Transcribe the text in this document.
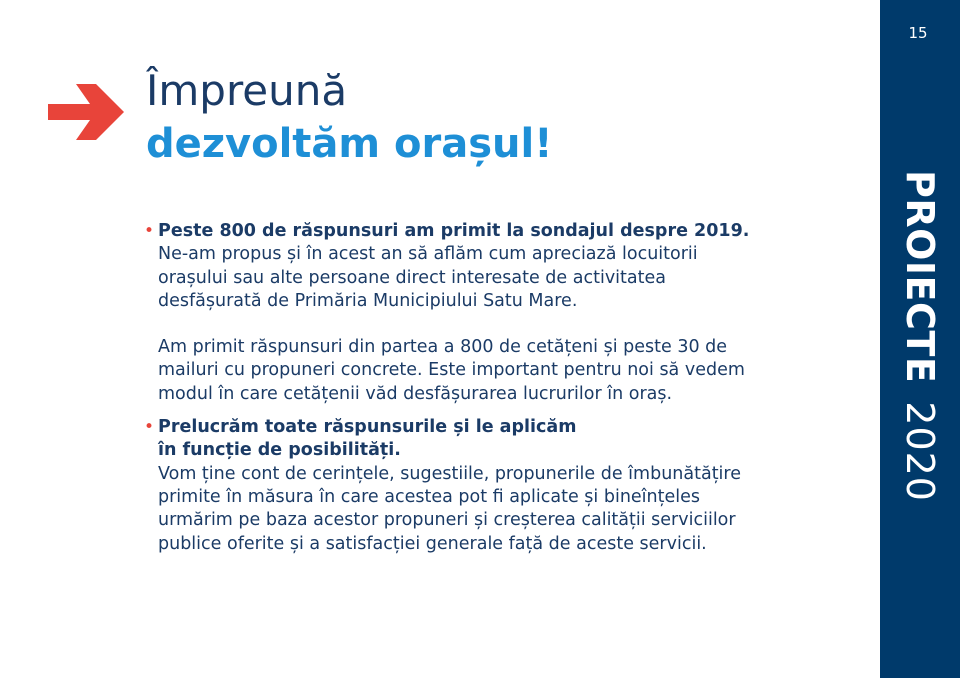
15
PROIECTE2020
Împreună
dezvoltăm orașul!
• Peste 800 de răspunsuri am primit la sondajul despre 2019.
Ne-am propus și în acest an să aflăm cum apreciază locuitorii
orașului sau alte persoane direct interesate de activitatea
desfășurată de Primăria Municipiului Satu Mare.
Am primit răspunsuri din partea a 800 de cetățeni și peste 30 de
mailuri cu propuneri concrete. Este important pentru noi să vedem
modul în care cetățenii văd desfășurarea lucrurilor în oraș.
• Prelucrăm toate răspunsurile și le aplicăm
în funcție de posibilități.
Vom ține cont de cerințele, sugestiile, propunerile de îmbunătățire
primite în măsura în care acestea pot fi aplicate și bineînțeles
urmărim pe baza acestor propuneri și creșterea calității serviciilor
publice oferite și a satisfacției generale față de aceste servicii.
